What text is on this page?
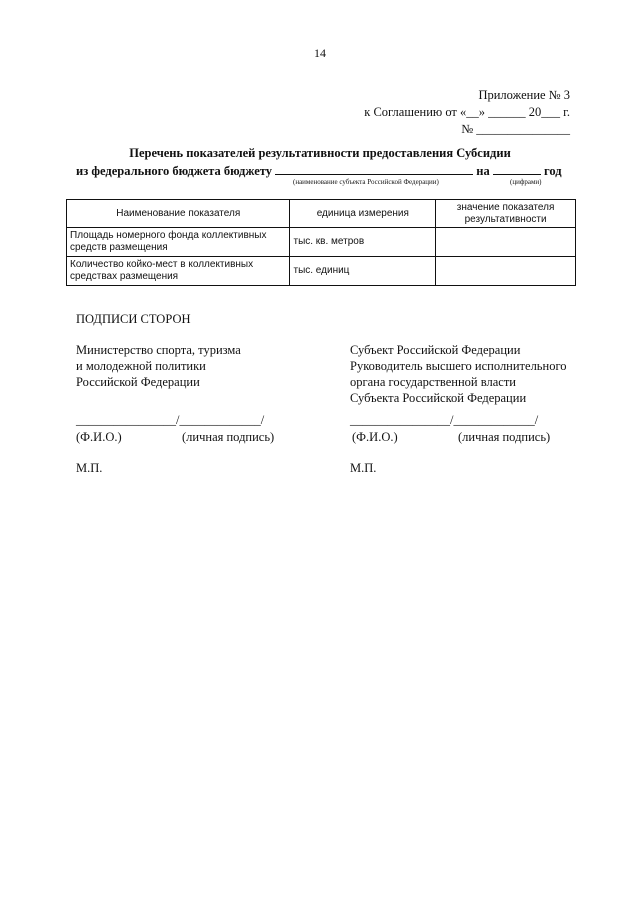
14
Приложение № 3
к Соглашению от «__» ______ 20___ г.
№ _______________
Перечень показателей результативности предоставления Субсидии
из федерального бюджета бюджету	на	год
(наименование субъекта Российской Федерации)	(цифрами)
Наименование показателя	единица измерения	значение показателя результативности
Площадь номерного фонда коллективных средств размещения	тыс. кв. метров	
Количество койко-мест в коллективных средствах размещения	тыс. единиц	
ПОДПИСИ СТОРОН
Министерство спорта, туризма
и молодежной политики
Российской Федерации
Субъект Российской Федерации
Руководитель высшего исполнительного
органа государственной власти
Субъекта Российской Федерации
________________/_____________/
(Ф.И.О.)	(личная подпись)
М.П.
________________/_____________/
(Ф.И.О.)	(личная подпись)
М.П.
